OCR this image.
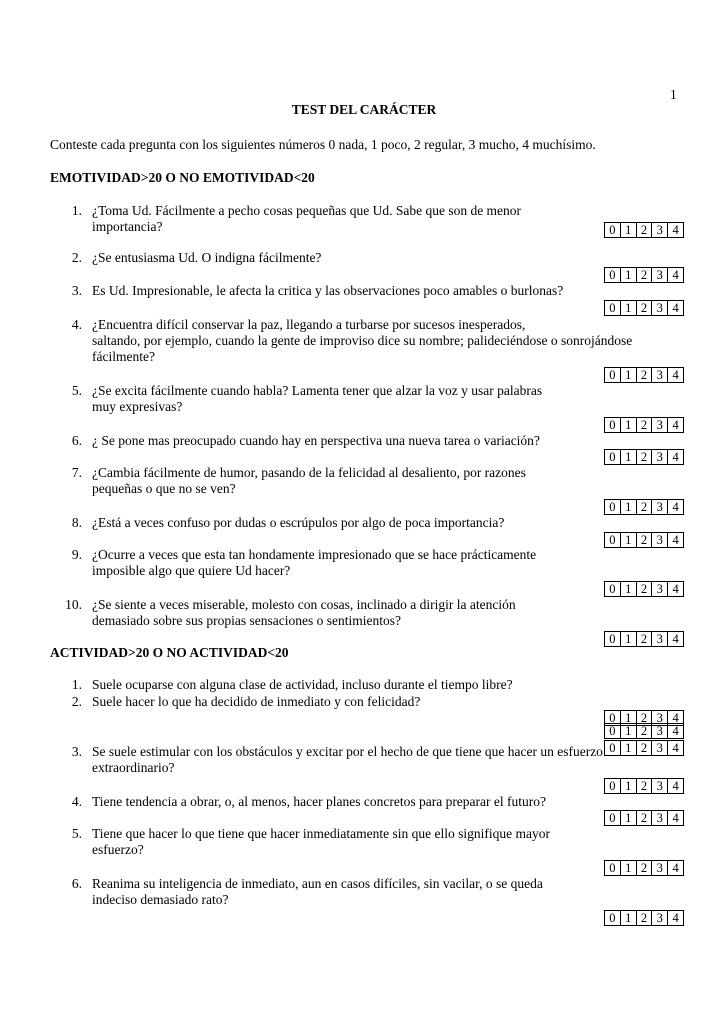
1
TEST DEL CARÁCTER
Conteste cada pregunta con los siguientes números 0 nada, 1 poco, 2 regular, 3 mucho, 4 muchísimo.
EMOTIVIDAD>20 O NO EMOTIVIDAD<20
ACTIVIDAD>20 O NO ACTIVIDAD<20
1. ¿Toma Ud. Fácilmente a pecho cosas pequeñas que Ud. Sabe que son de menor
importancia?	0 1 2 3 4
2. ¿Se entusiasma Ud. O indigna fácilmente?
0 1 2 3 4
3. Es Ud. Impresionable, le afecta la critica y las observaciones poco amables o burlonas?
0 1 2 3 4
4. ¿Encuentra difícil conservar la paz, llegando a turbarse por sucesos inesperados,
saltando, por ejemplo, cuando la gente de improviso dice su nombre; palideciéndose o sonrojándose
fácilmente?
0 1 2 3 4
5. ¿Se excita fácilmente cuando habla? Lamenta tener que alzar la voz y usar palabras
muy expresivas?
0 1 2 3 4
6. ¿ Se pone mas preocupado cuando hay en perspectiva una nueva tarea o variación?
0 1 2 3 4
7. ¿Cambia fácilmente de humor, pasando de la felicidad al desaliento, por razones
pequeñas o que no se ven?
0 1 2 3 4
8. ¿Está a veces confuso por dudas o escrúpulos por algo de poca importancia?
0 1 2 3 4
9. ¿Ocurre a veces que esta tan hondamente impresionado que se hace prácticamente
imposible algo que quiere Ud hacer?
0 1 2 3 4
10. ¿Se siente a veces miserable, molesto con cosas, inclinado a dirigir la atención
demasiado sobre sus propias sensaciones o sentimientos?
0 1 2 3 4
1. Suele ocuparse con alguna clase de actividad, incluso durante el tiempo libre?
0 1 2 3 4
2. Suele hacer lo que ha decidido de inmediato y con felicidad?
0 1 2 3 4
3. Se suele estimular con los obstáculos y excitar por el hecho de que tiene que hacer un esfuerzo
extraordinario?
0 1 2 3 4
4. Tiene tendencia a obrar, o, al menos, hacer planes concretos para preparar el futuro?
0 1 2 3 4
5. Tiene que hacer lo que tiene que hacer inmediatamente sin que ello signifique mayor
esfuerzo?
0 1 2 3 4
6. Reanima su inteligencia de inmediato, aun en casos difíciles, sin vacilar, o se queda
indeciso demasiado rato?
0 1 2 3 4
0 1 2 3 4
